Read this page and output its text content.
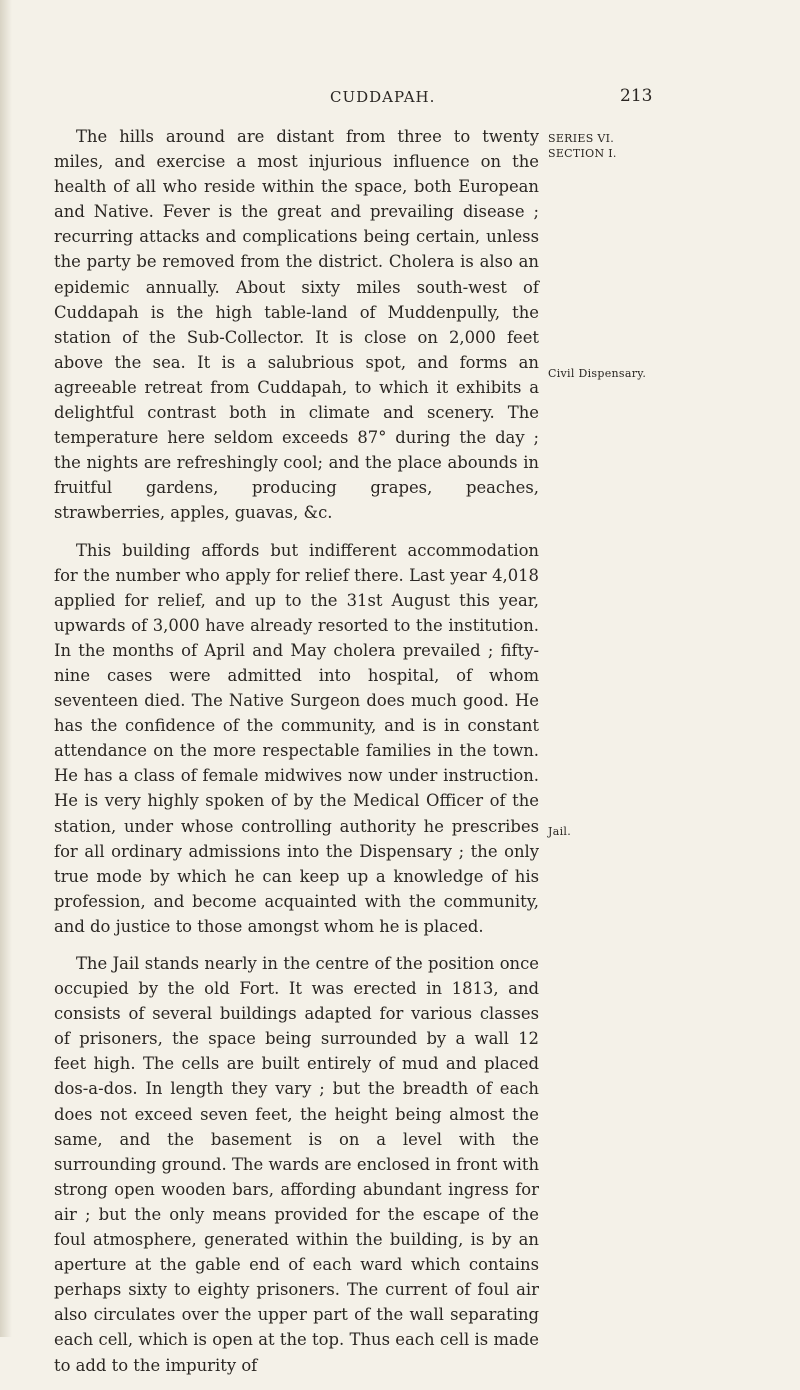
CUDDAPAH.	213

The hills around are distant from three to twenty miles, and exercise a most injurious influence on the health of all who reside within the space, both European and Native. Fever is the great and prevailing disease ; recurring attacks and complications being certain, unless the party be removed from the district. Cholera is also an epidemic annually. About sixty miles south-west of Cuddapah is the high table-land of Muddenpully, the station of the Sub-Collector. It is close on 2,000 feet above the sea. It is a salubrious spot, and forms an agreeable retreat from Cuddapah, to which it exhibits a delightful contrast both in climate and scenery. The temperature here seldom exceeds 87° during the day ; the nights are refreshingly cool; and the place abounds in fruitful gardens, producing grapes, peaches, strawberries, apples, guavas, &c.

This building affords but indifferent accommodation for the number who apply for relief there. Last year 4,018 applied for relief, and up to the 31st August this year, upwards of 3,000 have already resorted to the institution. In the months of April and May cholera prevailed ; fifty-nine cases were admitted into hospital, of whom seventeen died. The Native Surgeon does much good. He has the confidence of the community, and is in constant attendance on the more respectable families in the town. He has a class of female midwives now under instruction. He is very highly spoken of by the Medical Officer of the station, under whose controlling authority he prescribes for all ordinary admissions into the Dispensary ; the only true mode by which he can keep up a knowledge of his profession, and become acquainted with the community, and do justice to those amongst whom he is placed.

The Jail stands nearly in the centre of the position once occupied by the old Fort. It was erected in 1813, and consists of several buildings adapted for various classes of prisoners, the space being surrounded by a wall 12 feet high. The cells are built entirely of mud and placed dos-a-dos. In length they vary ; but the breadth of each does not exceed seven feet, the height being almost the same, and the basement is on a level with the surrounding ground. The wards are enclosed in front with strong open wooden bars, affording abundant ingress for air ; but the only means provided for the escape of the foul atmosphere, generated within the building, is by an aperture at the gable end of each ward which contains perhaps sixty to eighty prisoners. The current of foul air also circulates over the upper part of the wall separating each cell, which is open at the top. Thus each cell is made to add to the impurity of

SERIES VI.
SECTION I.
Civil Dispensary.
Jail.
